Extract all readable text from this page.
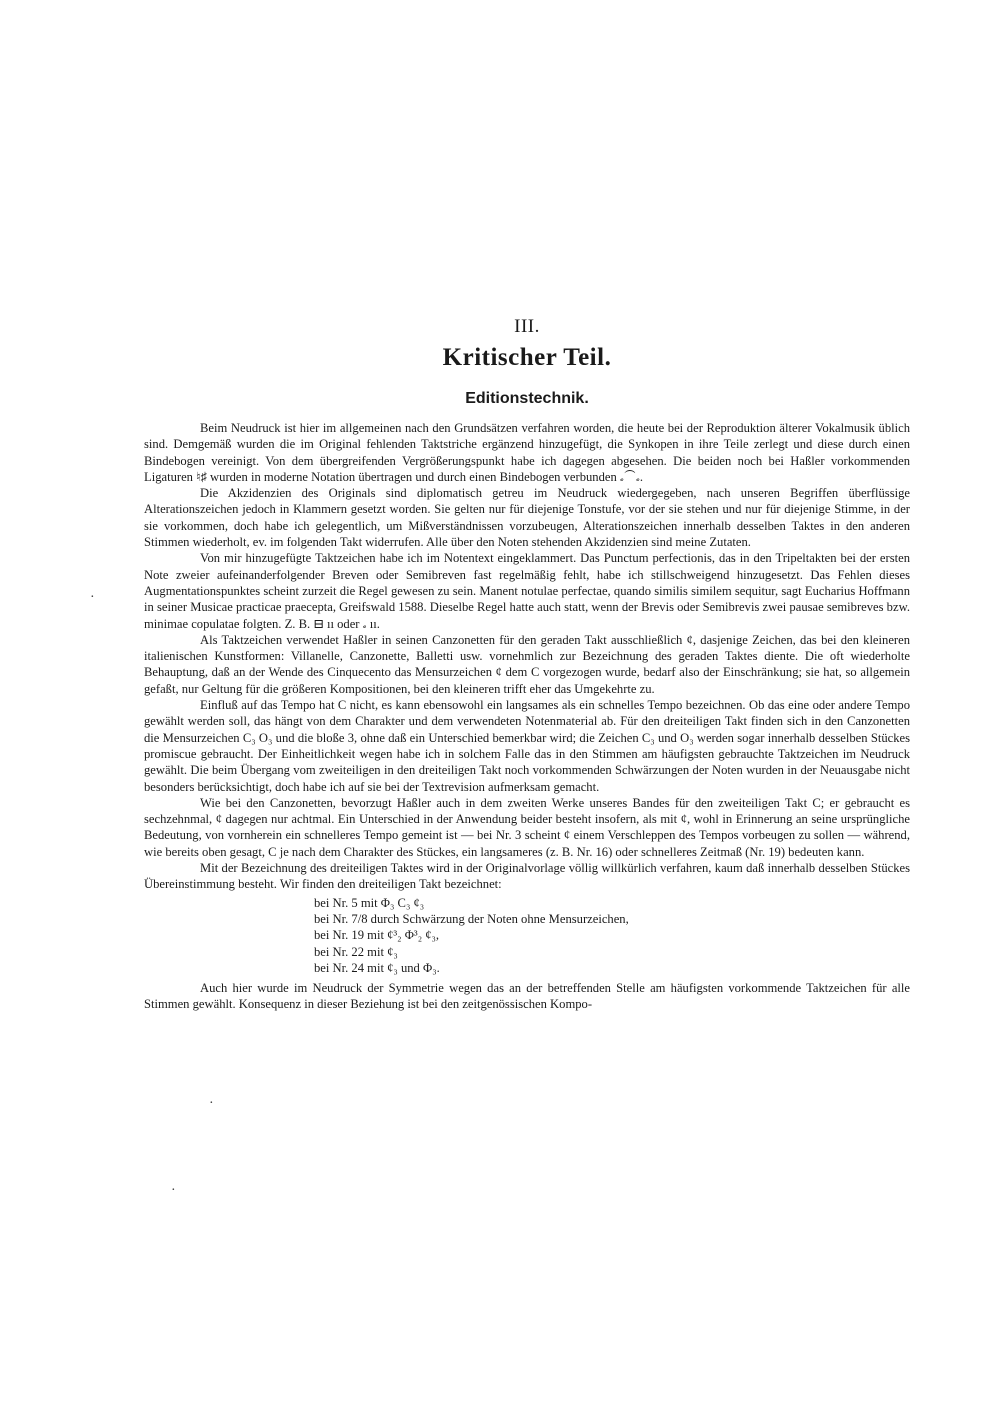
·
·
·
III.
Kritischer Teil.
Editionstechnik.

Beim Neudruck ist hier im allgemeinen nach den Grundsätzen verfahren worden, die heute bei der Reproduktion älterer Vokalmusik üblich sind. Demgemäß wurden die im Original fehlenden Taktstriche ergänzend hinzugefügt, die Synkopen in ihre Teile zerlegt und diese durch einen Bindebogen vereinigt. Von dem übergreifenden Vergrößerungspunkt habe ich dagegen abgesehen. Die beiden noch bei Haßler vorkommenden Ligaturen ♮♯ wurden in moderne Notation übertragen und durch einen Bindebogen verbunden 𝅗⁀𝅗.

Die Akzidenzien des Originals sind diplomatisch getreu im Neudruck wiedergegeben, nach unseren Begriffen überflüssige Alterationszeichen jedoch in Klammern gesetzt worden. Sie gelten nur für diejenige Tonstufe, vor der sie stehen und nur für diejenige Stimme, in der sie vorkommen, doch habe ich gelegentlich, um Mißverständnissen vorzubeugen, Alterationszeichen innerhalb desselben Taktes in den anderen Stimmen wiederholt, ev. im folgenden Takt widerrufen. Alle über den Noten stehenden Akzidenzien sind meine Zutaten.

Von mir hinzugefügte Taktzeichen habe ich im Notentext eingeklammert. Das Punctum perfectionis, das in den Tripeltakten bei der ersten Note zweier aufeinanderfolgender Breven oder Semibreven fast regelmäßig fehlt, habe ich stillschweigend hinzugesetzt. Das Fehlen dieses Augmentationspunktes scheint zurzeit die Regel gewesen zu sein. Manent notulae perfectae, quando similis similem sequitur, sagt Eucharius Hoffmann in seiner Musicae practicae praecepta, Greifswald 1588. Dieselbe Regel hatte auch statt, wenn der Brevis oder Semibrevis zwei pausae semibreves bzw. minimae copulatae folgten. Z. B. ⊟ ıı oder 𝅗 ıı.

Als Taktzeichen verwendet Haßler in seinen Canzonetten für den geraden Takt ausschließlich ¢, dasjenige Zeichen, das bei den kleineren italienischen Kunstformen: Villanelle, Canzonette, Balletti usw. vornehmlich zur Bezeichnung des geraden Taktes diente. Die oft wiederholte Behauptung, daß an der Wende des Cinquecento das Mensurzeichen ¢ dem C vorgezogen wurde, bedarf also der Einschränkung; sie hat, so allgemein gefaßt, nur Geltung für die größeren Kompositionen, bei den kleineren trifft eher das Umgekehrte zu.

Einfluß auf das Tempo hat C nicht, es kann ebensowohl ein langsames als ein schnelles Tempo bezeichnen. Ob das eine oder andere Tempo gewählt werden soll, das hängt von dem Charakter und dem verwendeten Notenmaterial ab. Für den dreiteiligen Takt finden sich in den Canzonetten die Mensurzeichen C₃ O₃ und die bloße 3, ohne daß ein Unterschied bemerkbar wird; die Zeichen C₃ und O₃ werden sogar innerhalb desselben Stückes promiscue gebraucht. Der Einheitlichkeit wegen habe ich in solchem Falle das in den Stimmen am häufigsten gebrauchte Taktzeichen im Neudruck gewählt. Die beim Übergang vom zweiteiligen in den dreiteiligen Takt noch vorkommenden Schwärzungen der Noten wurden in der Neuausgabe nicht besonders berücksichtigt, doch habe ich auf sie bei der Textrevision aufmerksam gemacht.

Wie bei den Canzonetten, bevorzugt Haßler auch in dem zweiten Werke unseres Bandes für den zweiteiligen Takt C; er gebraucht es sechzehnmal, ¢ dagegen nur achtmal. Ein Unterschied in der Anwendung beider besteht insofern, als mit ¢, wohl in Erinnerung an seine ursprüngliche Bedeutung, von vornherein ein schnelleres Tempo gemeint ist — bei Nr. 3 scheint ¢ einem Verschleppen des Tempos vorbeugen zu sollen — während, wie bereits oben gesagt, C je nach dem Charakter des Stückes, ein langsameres (z. B. Nr. 16) oder schnelleres Zeitmaß (Nr. 19) bedeuten kann.

Mit der Bezeichnung des dreiteiligen Taktes wird in der Originalvorlage völlig willkürlich verfahren, kaum daß innerhalb desselben Stückes Übereinstimmung besteht. Wir finden den dreiteiligen Takt bezeichnet:

bei Nr. 5 mit Φ₃ C₃ ¢₃
bei Nr. 7/8 durch Schwärzung der Noten ohne Mensurzeichen,
bei Nr. 19 mit ¢³₂ Φ³₂ ¢₃,
bei Nr. 22 mit ¢₃
bei Nr. 24 mit ¢₃ und Φ₃.

Auch hier wurde im Neudruck der Symmetrie wegen das an der betreffenden Stelle am häufigsten vorkommende Taktzeichen für alle Stimmen gewählt. Konsequenz in dieser Beziehung ist bei den zeitgenössischen Kompo-
